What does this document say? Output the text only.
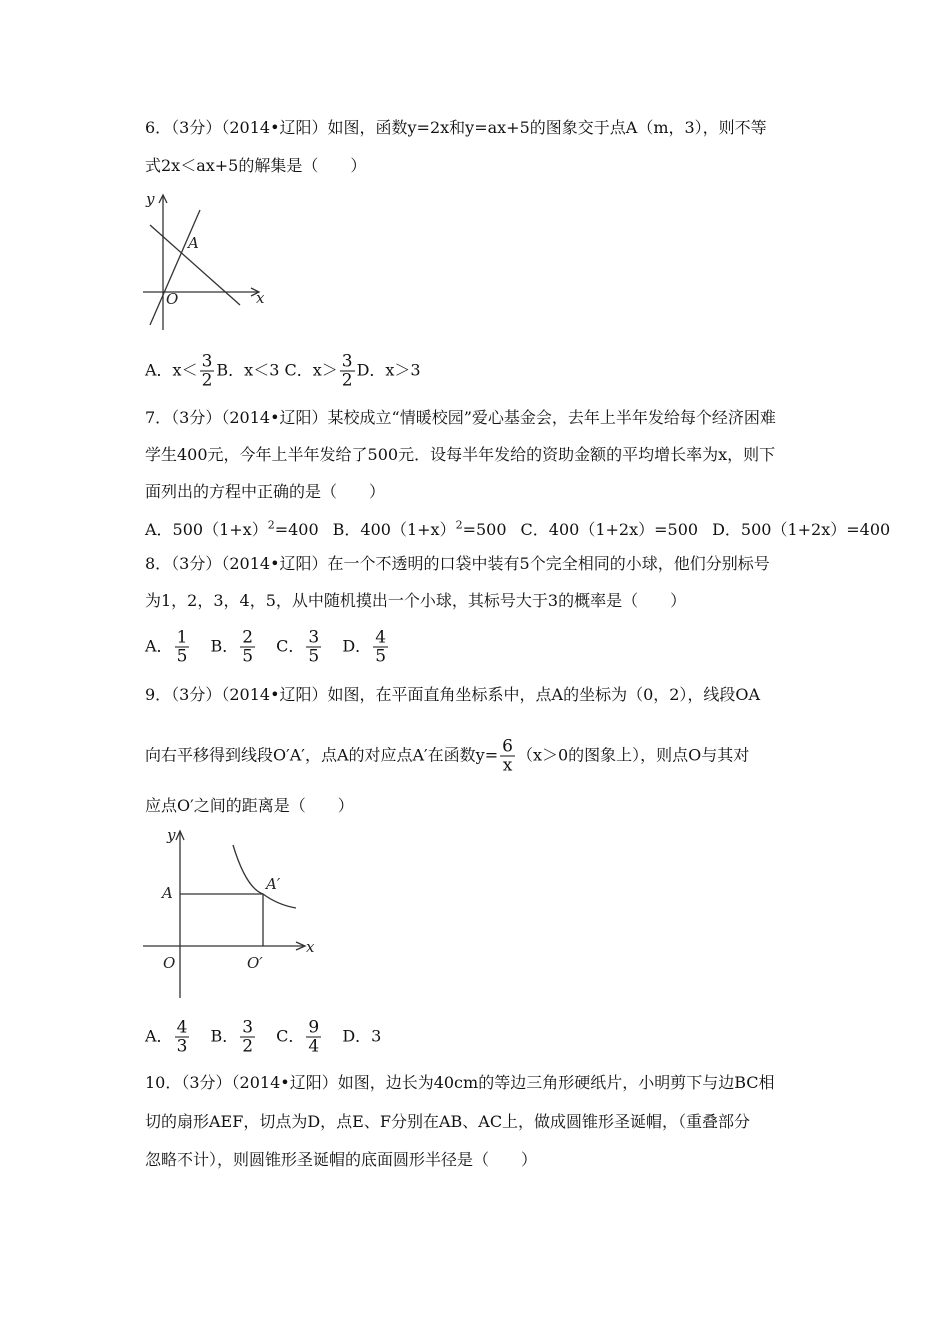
6．（3分）（2014•辽阳）如图，函数y=2x和y=ax+5的图象交于点A（m，3），则不等
式2x＜ax+5的解集是（　　）
y
x
O
A
y
x
A	A′
O	O′
A．$x< \frac{3}{2}$ B．x＜3 C．$x> \frac{3}{2}$ D．x＞3
7．（3分）（2014•辽阳）某校成立“情暖校园”爱心基金会，去年上半年发给每个经济困难
学生400元，今年上半年发给了500元．设每半年发给的资助金额的平均增长率为x，则下
面列出的方程中正确的是（　　）
A．$500(1+x)^2=400$ B．$400(1+x)^2=500$ C．400（1+2x）=500 D．500（1+2x）=400
8．（3分）（2014•辽阳）在一个不透明的口袋中装有5个完全相同的小球，他们分别标号
为1，2，3，4，5，从中随机摸出一个小球，其标号大于3的概率是（　　）
A． $\frac{1}{5}$ B． $\frac{2}{5}$ C． $\frac{3}{5}$ D． $\frac{4}{5}$
9．（3分）（2014•辽阳）如图，在平面直角坐标系中，点A的坐标为（0，2），线段OA
向右平移得到线段O′A′，点A的对应点A′在函数$y= \frac{6}{x} (x>0$的图象上），则点O与其对
应点O′之间的距离是（　　）
A． $\frac{4}{3}$ B． $\frac{3}{2}$ C． $\frac{9}{4}$ D．3
10．（3分）（2014•辽阳）如图，边长为40cm的等边三角形硬纸片，小明剪下与边BC相
切的扇形AEF，切点为D，点E、F分别在AB、AC上，做成圆锥形圣诞帽，（重叠部分
忽略不计），则圆锥形圣诞帽的底面圆形半径是（　　）
